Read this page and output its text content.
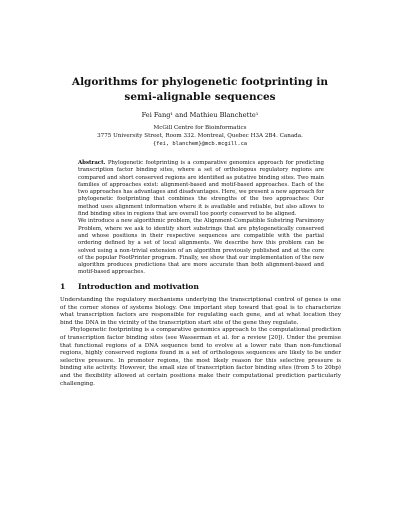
Algorithms for phylogenetic footprinting in semi-alignable sequences
Fei Fang¹ and Mathieu Blanchette¹
McGill Centre for Bioinformatics
3775 University Street, Room 332. Montreal, Quebec H3A 2B4. Canada.
{fei, blanchem}@mcb.mcgill.ca

Abstract. Phylogenetic footprinting is a comparative genomics approach for predicting transcription factor binding sites, where a set of orthologous regulatory regions are compared and short conserved regions are identified as putative binding sites. Two main families of approaches exist: alignment-based and motif-based approaches. Each of the two approaches has advantages and disadvantages. Here, we present a new approach for phylogenetic footprinting that combines the strengths of the two approaches: Our method uses alignment information where it is available and reliable, but also allows to find binding sites in regions that are overall too poorly conserved to be aligned.

We introduce a new algorithmic problem, the Alignment-Compatible Substring Parsimony Problem, where we ask to identify short substrings that are phylogenetically conserved and whose positions in their respective sequences are compatible with the partial ordering defined by a set of local alignments. We describe how this problem can be solved using a non-trivial extension of an algorithm previously published and at the core of the popular FootPrinter program. Finally, we show that our implementation of the new algorithm produces predictions that are more accurate than both alignment-based and motif-based approaches.

1 Introduction and motivation

Understanding the regulatory mechanisms underlying the transcriptional control of genes is one of the corner stones of systems biology. One important step toward that goal is to characterize what transcription factors are responsible for regulating each gene, and at what location they bind the DNA in the vicinity of the transcription start site of the gene they regulate.

Phylogenetic footprinting is a comparative genomics approach to the computational prediction of transcription factor binding sites (see Wasserman et al. for a review [20]). Under the premise that functional regions of a DNA sequence tend to evolve at a lower rate than non-functional regions, highly conserved regions found in a set of orthologous sequences are likely to be under selective pressure. In promoter regions, the most likely reason for this selective pressure is binding site activity. However, the small size of transcription factor binding sites (from 5 to 20bp) and the flexibility allowed at certain positions make their computational prediction particularly challenging.
